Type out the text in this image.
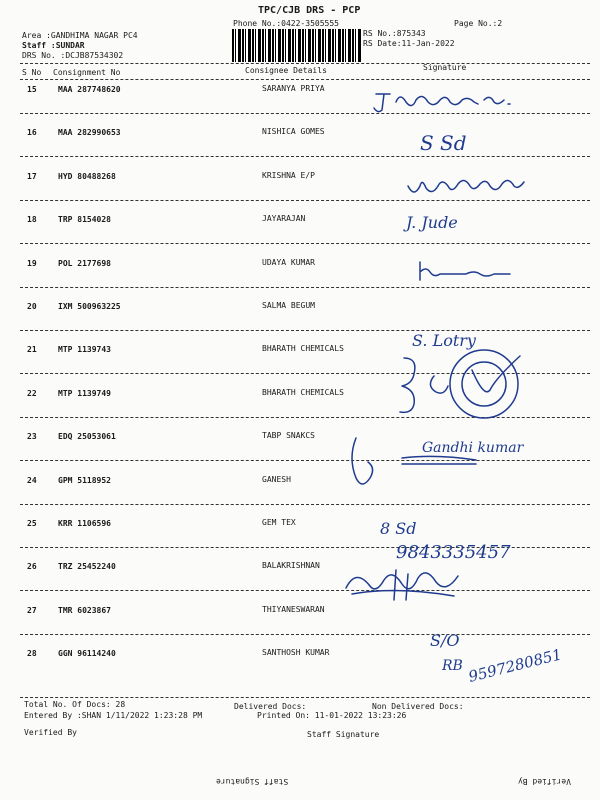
TPC/CJB DRS - PCP
Phone No.:0422-3505555	Page No.:2
Area :GANDHIMA NAGAR PC4
Staff :SUNDAR
DRS No. :DCJB87534302
RS No.:875343
RS Date:11-Jan-2022
S No Consignment No	Consignee Details	Signature
15	MAA 287748620	SARANYA PRIYA
16	MAA 282990653	NISHICA GOMES
17	HYD 80488268	KRISHNA E/P
18	TRP 8154028	JAYARAJAN
19	POL 2177698	UDAYA KUMAR
20	IXM 500963225	SALMA BEGUM
21	MTP 1139743	BHARATH CHEMICALS
22	MTP 1139749	BHARATH CHEMICALS
23	EDQ 25053061	TABP SNAKCS
24	GPM 5118952	GANESH
25	KRR 1106596	GEM TEX
26	TRZ 25452240	BALAKRISHNAN
27	TMR 6023867	THIYANESWARAN
28	GGN 96114240	SANTHOSH KUMAR
S Sd
J. Jude
S. Lotry
Gandhi kumar
8 Sd
9843335457
S/O
RB 9597280851
Total No. Of Docs: 28	Delivered Docs:	Non Delivered Docs:
Entered By :SHAN 1/11/2022 1:23:28 PM	Printed On: 11-01-2022 13:23:26
Verified By	Staff Signature
Staff Signature	Verified By
